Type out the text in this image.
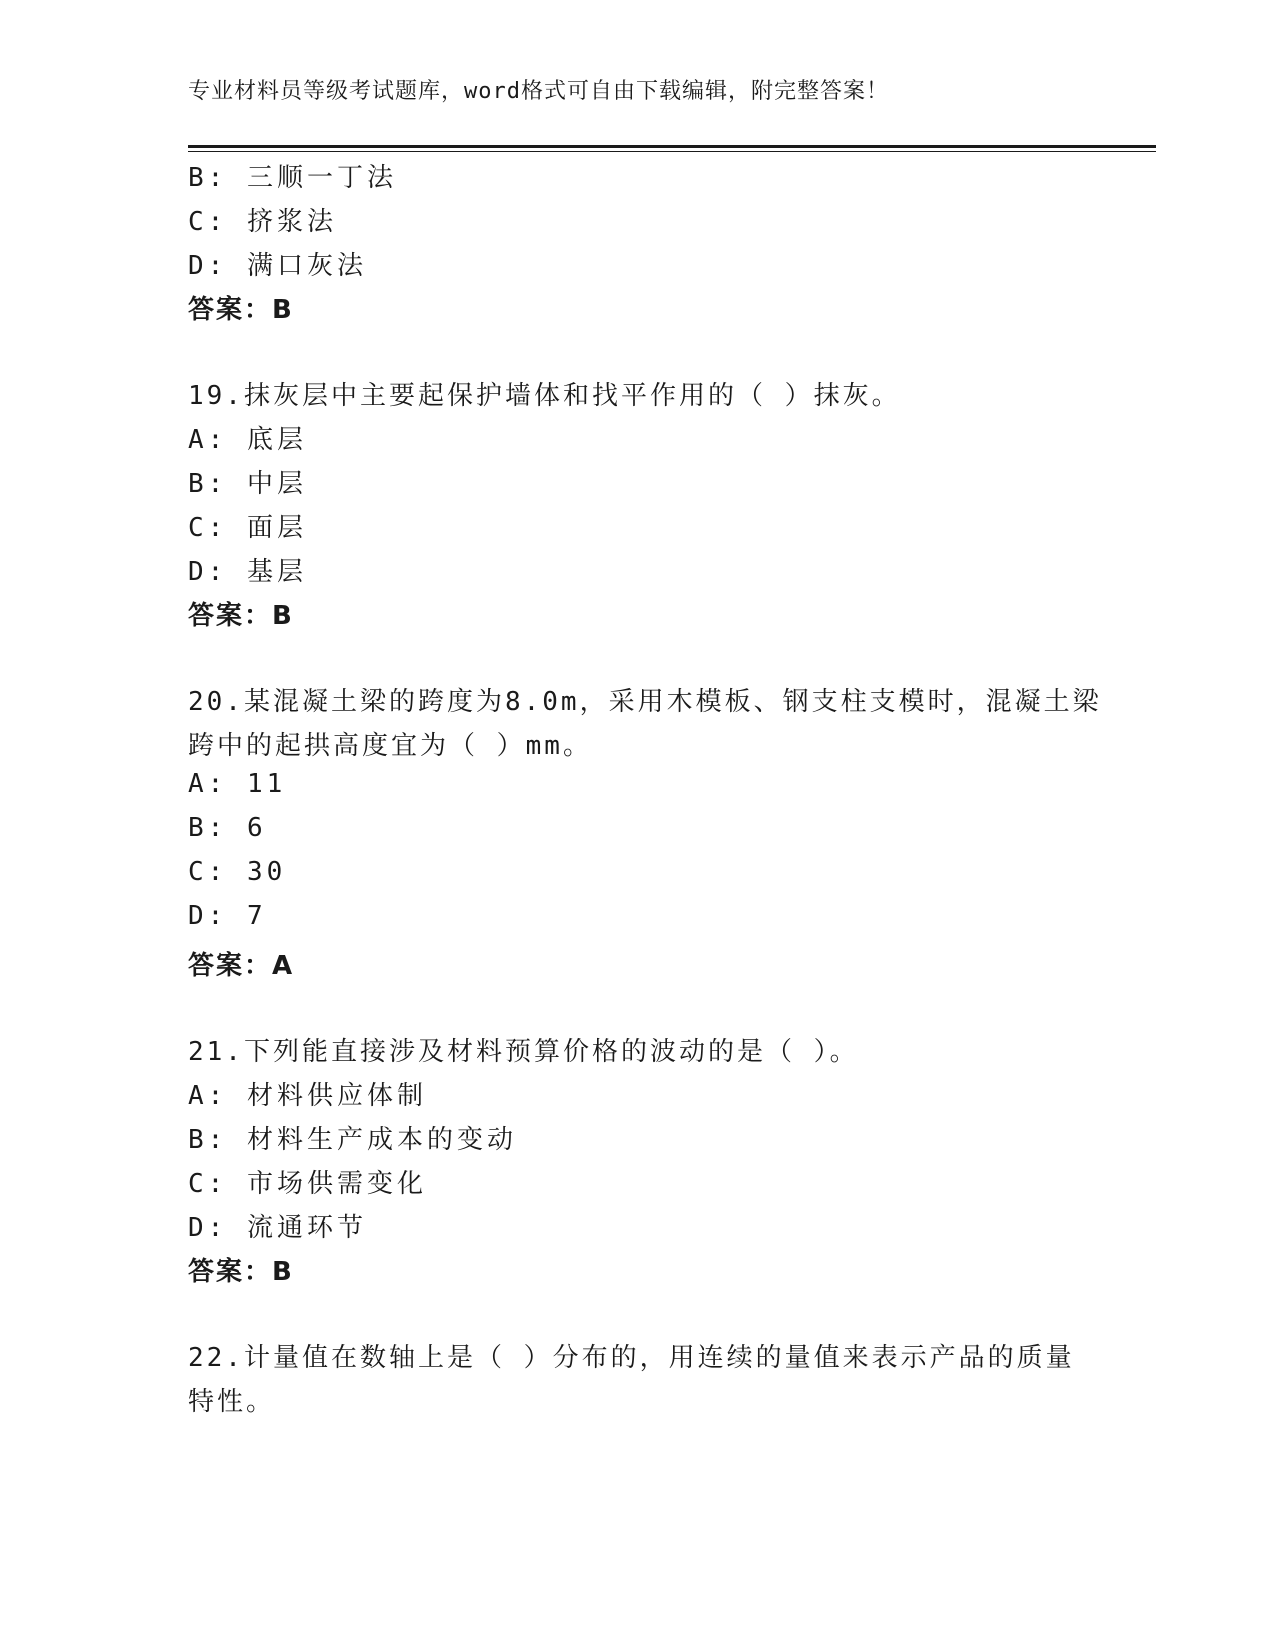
专业材料员等级考试题库，word格式可自由下载编辑，附完整答案！
B: 三顺一丁法
C: 挤浆法
D: 满口灰法
答案：B
19.抹灰层中主要起保护墙体和找平作用的（ ）抹灰。
A: 底层
B: 中层
C: 面层
D: 基层
答案：B
20.某混凝土梁的跨度为8.0m，采用木模板、钢支柱支模时，混凝土梁
跨中的起拱高度宜为（ ）mm。
A: 11
B: 6
C: 30
D: 7
答案：A
21.下列能直接涉及材料预算价格的波动的是（ ）。
A: 材料供应体制
B: 材料生产成本的变动
C: 市场供需变化
D: 流通环节
答案：B
22.计量值在数轴上是（ ）分布的，用连续的量值来表示产品的质量
特性。
